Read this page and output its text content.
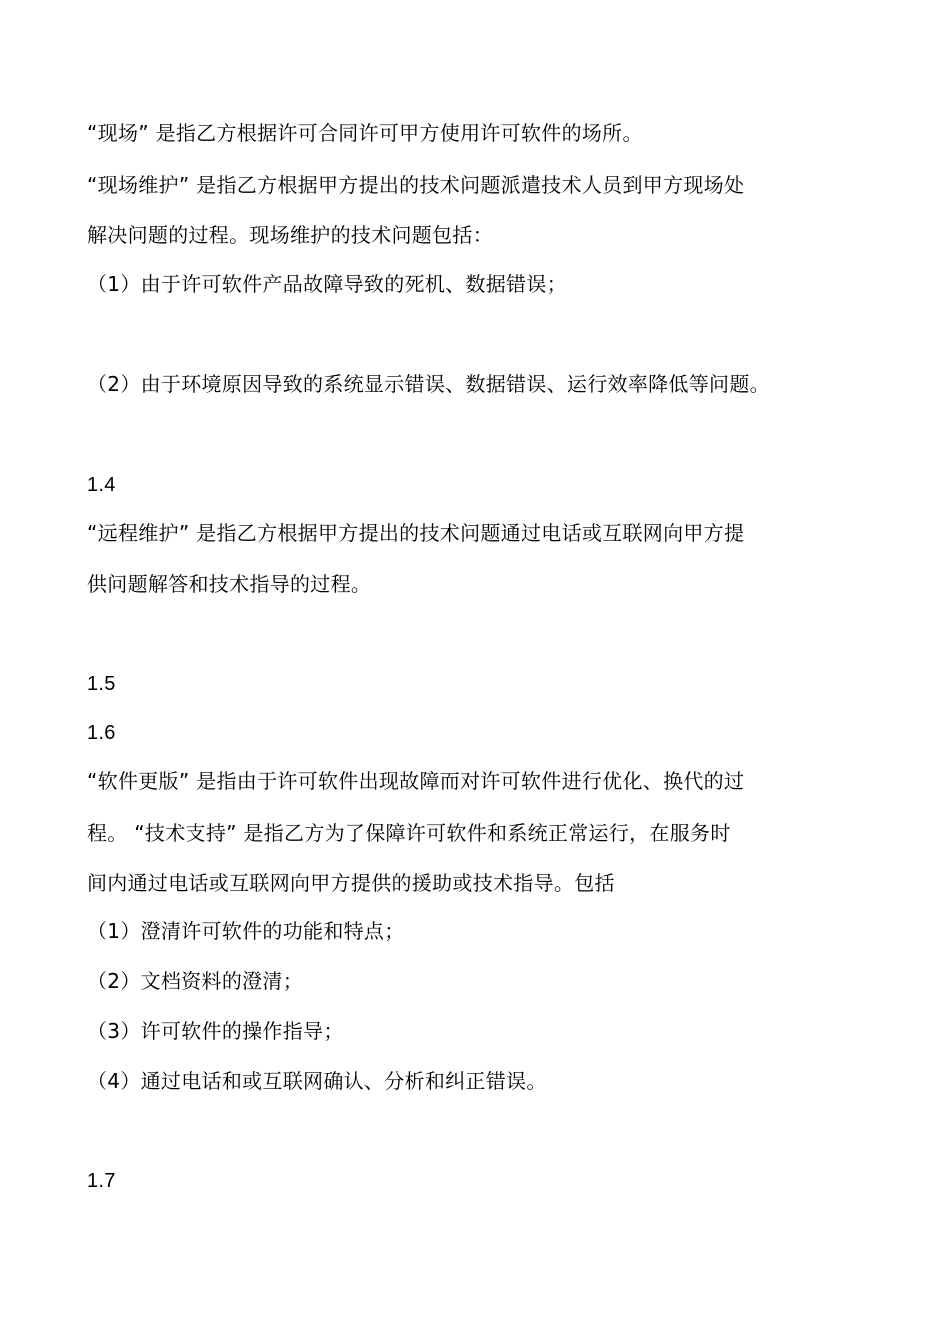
“现场” 是指乙方根据许可合同许可甲方使用许可软件的场所。
“现场维护” 是指乙方根据甲方提出的技术问题派遣技术人员到甲方现场处
解决问题的过程。现场维护的技术问题包括：
（1）由于许可软件产品故障导致的死机、数据错误；
（2）由于环境原因导致的系统显示错误、数据错误、运行效率降低等问题。
1.4
“远程维护” 是指乙方根据甲方提出的技术问题通过电话或互联网向甲方提
供问题解答和技术指导的过程。
1.5
1.6
“软件更版” 是指由于许可软件出现故障而对许可软件进行优化、换代的过
程。 “技术支持” 是指乙方为了保障许可软件和系统正常运行，在服务时
间内通过电话或互联网向甲方提供的援助或技术指导。包括
（1）澄清许可软件的功能和特点；
（2）文档资料的澄清；
（3）许可软件的操作指导；
（4）通过电话和或互联网确认、分析和纠正错误。
1.7
